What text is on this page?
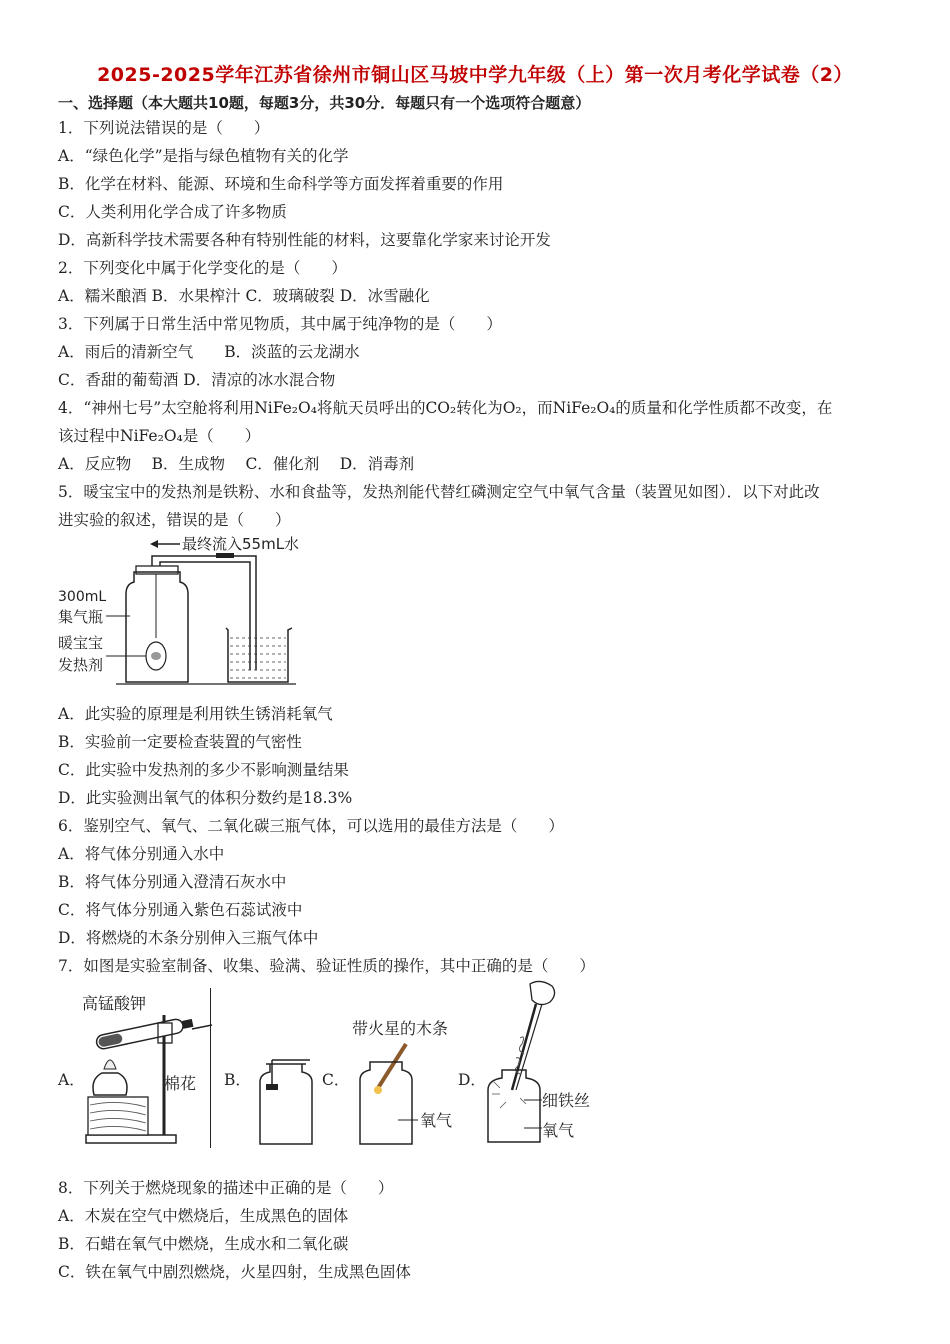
2025-2025学年江苏省徐州市铜山区马坡中学九年级（上）第一次月考化学试卷（2）
一、选择题（本大题共10题，每题3分，共30分．每题只有一个选项符合题意）
1．下列说法错误的是（　　）
A．“绿色化学”是指与绿色植物有关的化学
B．化学在材料、能源、环境和生命科学等方面发挥着重要的作用
C．人类利用化学合成了许多物质
D．高新科学技术需要各种有特别性能的材料，这要靠化学家来讨论开发
2．下列变化中属于化学变化的是（　　）
A．糯米酿酒 B．水果榨汁 C．玻璃破裂 D．冰雪融化
3．下列属于日常生活中常见物质，其中属于纯净物的是（　　）
A．雨后的清新空气　　B．淡蓝的云龙湖水
C．香甜的葡萄酒 D．清凉的冰水混合物
4．“神州七号”太空舱将利用NiFe₂O₄将航天员呼出的CO₂转化为O₂，而NiFe₂O₄的质量和化学性质都不改变，在
该过程中NiFe₂O₄是（　　）
A．反应物　 B．生成物　 C．催化剂　 D．消毒剂
5．暖宝宝中的发热剂是铁粉、水和食盐等，发热剂能代替红磷测定空气中氧气含量（装置见如图）．以下对此改
进实验的叙述，错误的是（　　）
最终流入55mL水
300mL
集气瓶
暖宝宝
发热剂
A．此实验的原理是利用铁生锈消耗氧气
B．实验前一定要检查装置的气密性
C．此实验中发热剂的多少不影响测量结果
D．此实验测出氧气的体积分数约是18.3%
6．鉴别空气、氧气、二氧化碳三瓶气体，可以选用的最佳方法是（　　）
A．将气体分别通入水中
B．将气体分别通入澄清石灰水中
C．将气体分别通入紫色石蕊试液中
D．将燃烧的木条分别伸入三瓶气体中
7．如图是实验室制备、收集、验满、验证性质的操作，其中正确的是（　　）
A．	B．	C．	D．
高锰酸钾
棉花
带火星的木条
氧气
细铁丝
氧气
8．下列关于燃烧现象的描述中正确的是（　　）
A．木炭在空气中燃烧后，生成黑色的固体
B．石蜡在氧气中燃烧，生成水和二氧化碳
C．铁在氧气中剧烈燃烧，火星四射，生成黑色固体
